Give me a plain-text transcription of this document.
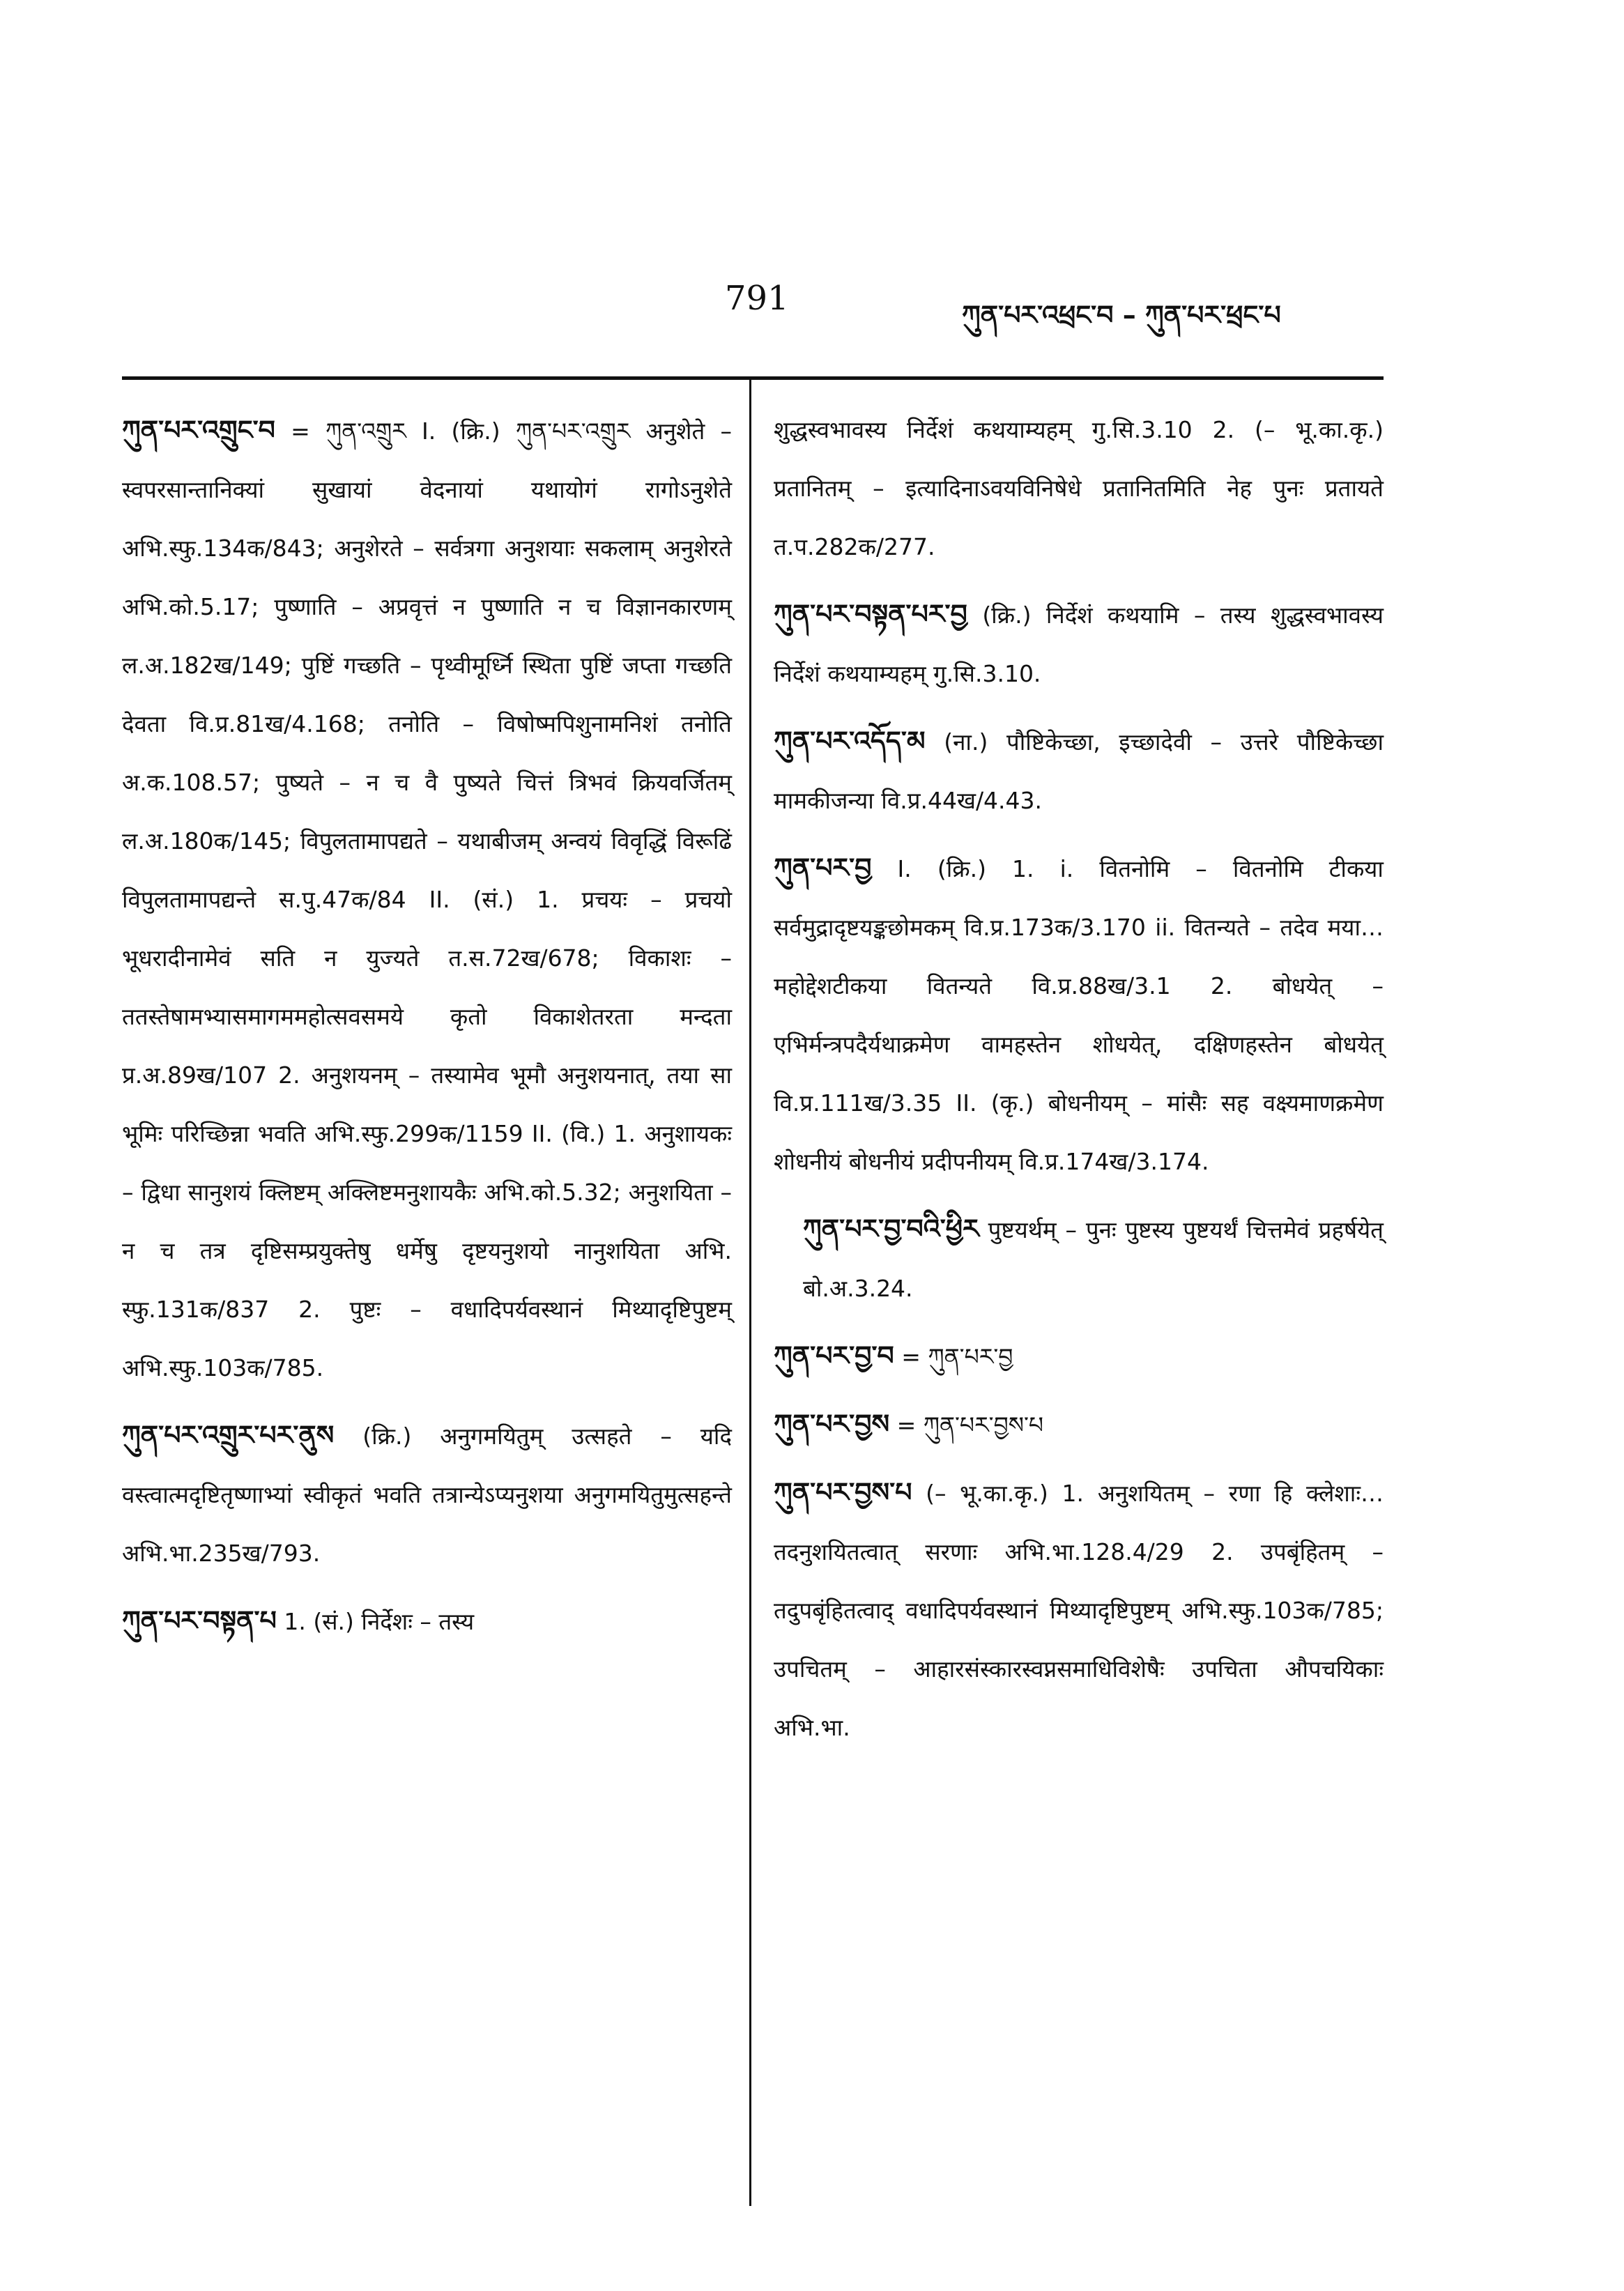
791	ཀུན་པར་འཕྲང་བ – ཀུན་པར་ཕྲང་པ

ཀུན་པར་འགྲུང་བ = ཀུན་འགྲུར I. (क्रि.) ཀུན་པར་འགྲུར अनुशेते – स्वपरसान्तानिक्यां सुखायां वेदनायां यथायोगं रागोऽनुशेते अभि.स्फु.134क/843; अनुशेरते – सर्वत्रगा अनुशयाः सकलाम् अनुशेरते अभि.को.5.17; पुष्णाति – अप्रवृत्तं न पुष्णाति न च विज्ञानकारणम् ल.अ.182ख/149; पुष्टिं गच्छति – पृथ्वीमूर्ध्नि स्थिता पुष्टिं जप्ता गच्छति देवता वि.प्र.81ख/4.168; तनोति – विषोष्मपिशुनामनिशं तनोति अ.क.108.57; पुष्यते – न च वै पुष्यते चित्तं त्रिभवं क्रियवर्जितम् ल.अ.180क/145; विपुलतामापद्यते – यथाबीजम् अन्वयं विवृद्धिं विरूढिं विपुलतामापद्यन्ते स.पु.47क/84 II. (सं.) 1. प्रचयः – प्रचयो भूधरादीनामेवं सति न युज्यते त.स.72ख/678; विकाशः – ततस्तेषामभ्यासमागममहोत्सवसमये कृतो विकाशेतरता मन्दता प्र.अ.89ख/107 2. अनुशयनम् – तस्यामेव भूमौ अनुशयनात्, तया सा भूमिः परिच्छिन्ना भवति अभि.स्फु.299क/1159 II. (वि.) 1. अनुशायकः – द्विधा सानुशयं क्लिष्टम् अक्लिष्टमनुशायकैः अभि.को.5.32; अनुशयिता – न च तत्र दृष्टिसम्प्रयुक्तेषु धर्मेषु दृष्टयनुशयो नानुशयिता अभि. स्फु.131क/837 2. पुष्टः – वधादिपर्यवस्थानं मिथ्यादृष्टिपुष्टम् अभि.स्फु.103क/785.

ཀུན་པར་འགྲུར་པར་ནུས (क्रि.) अनुगमयितुम् उत्सहते – यदि वस्त्वात्मदृष्टितृष्णाभ्यां स्वीकृतं भवति तत्रान्येऽप्यनुशया अनुगमयितुमुत्सहन्ते अभि.भा.235ख/793.

ཀུན་པར་བསྟན་པ 1. (सं.) निर्देशः – तस्य

शुद्धस्वभावस्य निर्देशं कथयाम्यहम् गु.सि.3.10 2. (– भू.का.कृ.) प्रतानितम् – इत्यादिनाऽवयविनिषेधे प्रतानितमिति नेह पुनः प्रतायते त.प.282क/277.

ཀུན་པར་བསྟན་པར་བྱ (क्रि.) निर्देशं कथयामि – तस्य शुद्धस्वभावस्य निर्देशं कथयाम्यहम् गु.सि.3.10.

ཀུན་པར་འདོད་མ (ना.) पौष्टिकेच्छा, इच्छादेवी – उत्तरे पौष्टिकेच्छा मामकीजन्या वि.प्र.44ख/4.43.

ཀུན་པར་བྱ I. (क्रि.) 1. i. वितनोमि – वितनोमि टीकया सर्वमुद्रादृष्टयङ्कछोमकम् वि.प्र.173क/3.170 ii. वितन्यते – तदेव मया… महोद्देशटीकया वितन्यते वि.प्र.88ख/3.1 2. बोधयेत् – एभिर्मन्त्रपदैर्यथाक्रमेण वामहस्तेन शोधयेत्, दक्षिणहस्तेन बोधयेत् वि.प्र.111ख/3.35 II. (कृ.) बोधनीयम् – मांसैः सह वक्ष्यमाणक्रमेण शोधनीयं बोधनीयं प्रदीपनीयम् वि.प्र.174ख/3.174.

ཀུན་པར་བྱ་བའི་ཕྱིར पुष्टयर्थम् – पुनः पुष्टस्य पुष्टयर्थं चित्तमेवं प्रहर्षयेत् बो.अ.3.24.

ཀུན་པར་བྱ་བ = ཀུན་པར་བྱ

ཀུན་པར་བྱས = ཀུན་པར་བྱས་པ

ཀུན་པར་བྱས་པ (– भू.का.कृ.) 1. अनुशयितम् – रणा हि क्लेशाः… तदनुशयितत्वात् सरणाः अभि.भा.128.4/29 2. उपबृंहितम् – तदुपबृंहितत्वाद् वधादिपर्यवस्थानं मिथ्यादृष्टिपुष्टम् अभि.स्फु.103क/785; उपचितम् – आहारसंस्कारस्वप्नसमाधिविशेषैः उपचिता औपचयिकाः अभि.भा.
